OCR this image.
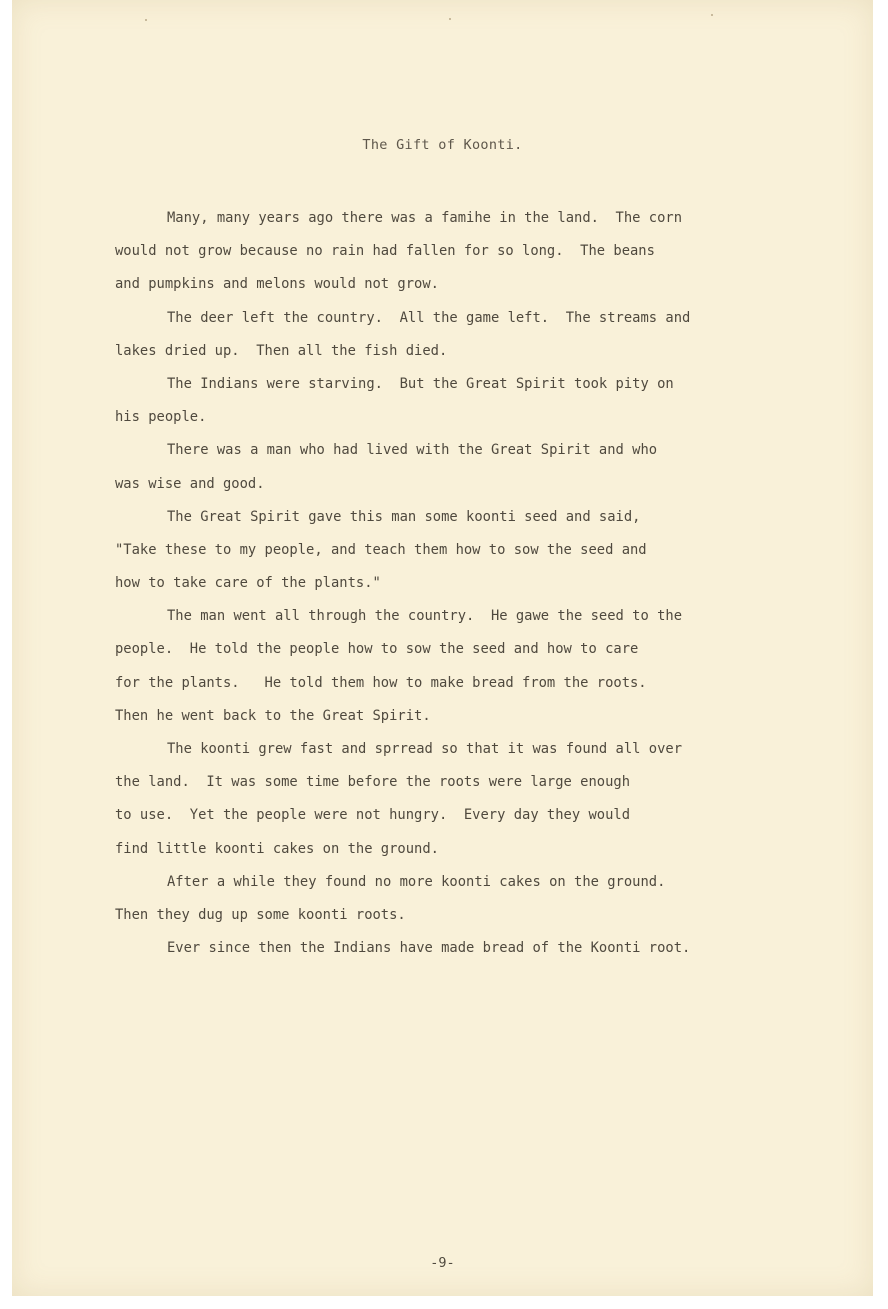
The Gift of Koonti.
Many, many years ago there was a famihe in the land.  The corn
would not grow because no rain had fallen for so long.  The beans
and pumpkins and melons would not grow.
The deer left the country.  All the game left.  The streams and
lakes dried up.  Then all the fish died.
The Indians were starving.  But the Great Spirit took pity on
his people.
There was a man who had lived with the Great Spirit and who
was wise and good.
The Great Spirit gave this man some koonti seed and said,
"Take these to my people, and teach them how to sow the seed and
how to take care of the plants."
The man went all through the country.  He gawe the seed to the
people.  He told the people how to sow the seed and how to care
for the plants.   He told them how to make bread from the roots.
Then he went back to the Great Spirit.
The koonti grew fast and sprread so that it was found all over
the land.  It was some time before the roots were large enough
to use.  Yet the people were not hungry.  Every day they would
find little koonti cakes on the ground.
After a while they found no more koonti cakes on the ground.
Then they dug up some koonti roots.
Ever since then the Indians have made bread of the Koonti root.
-9-
